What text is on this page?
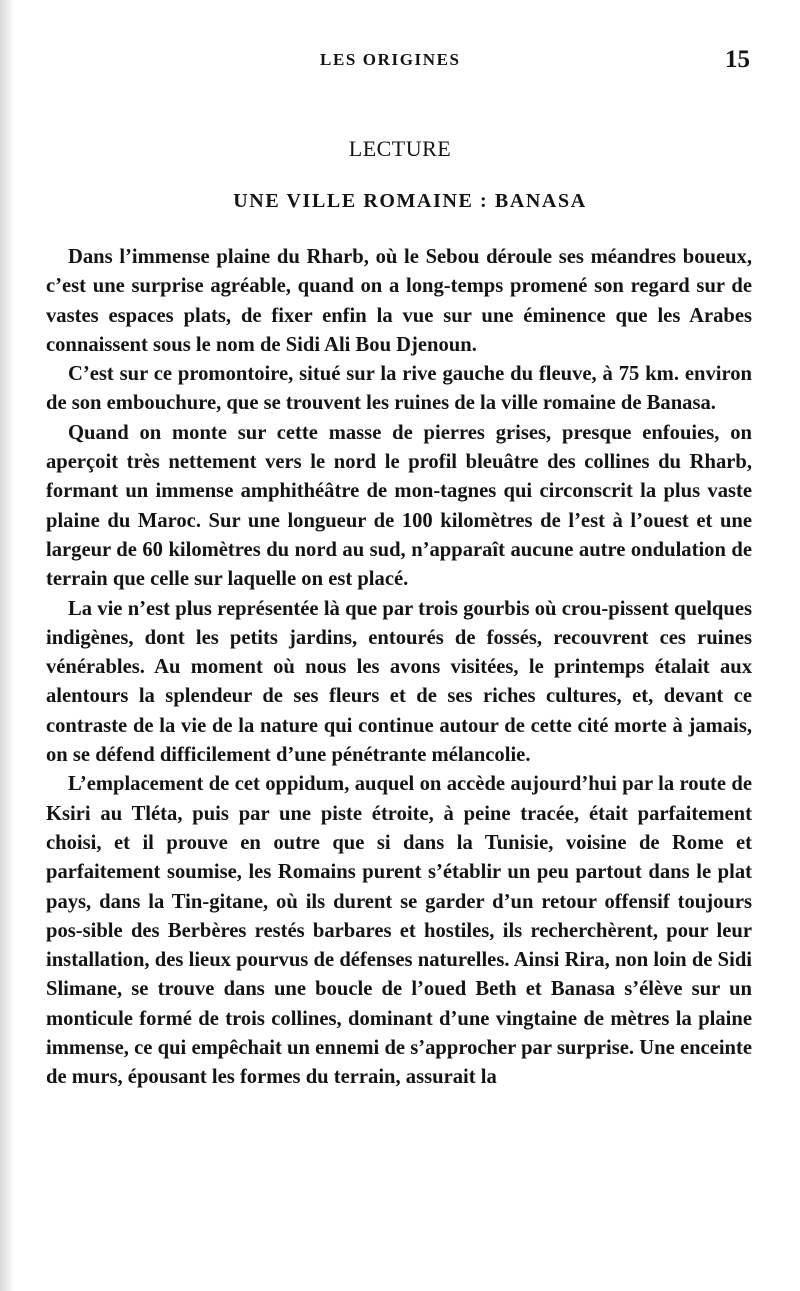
LES ORIGINES	15
LECTURE
UNE VILLE ROMAINE : BANASA

Dans l’immense plaine du Rharb, où le Sebou déroule ses méandres boueux, c’est une surprise agréable, quand on a long-temps promené son regard sur de vastes espaces plats, de fixer enfin la vue sur une éminence que les Arabes connaissent sous le nom de Sidi Ali Bou Djenoun.

C’est sur ce promontoire, situé sur la rive gauche du fleuve, à 75 km. environ de son embouchure, que se trouvent les ruines de la ville romaine de Banasa.

Quand on monte sur cette masse de pierres grises, presque enfouies, on aperçoit très nettement vers le nord le profil bleuâtre des collines du Rharb, formant un immense amphithéâtre de mon-tagnes qui circonscrit la plus vaste plaine du Maroc. Sur une longueur de 100 kilomètres de l’est à l’ouest et une largeur de 60 kilomètres du nord au sud, n’apparaît aucune autre ondulation de terrain que celle sur laquelle on est placé.

La vie n’est plus représentée là que par trois gourbis où crou-pissent quelques indigènes, dont les petits jardins, entourés de fossés, recouvrent ces ruines vénérables. Au moment où nous les avons visitées, le printemps étalait aux alentours la splendeur de ses fleurs et de ses riches cultures, et, devant ce contraste de la vie de la nature qui continue autour de cette cité morte à jamais, on se défend difficilement d’une pénétrante mélancolie.

L’emplacement de cet oppidum, auquel on accède aujourd’hui par la route de Ksiri au Tléta, puis par une piste étroite, à peine tracée, était parfaitement choisi, et il prouve en outre que si dans la Tunisie, voisine de Rome et parfaitement soumise, les Romains purent s’établir un peu partout dans le plat pays, dans la Tin-gitane, où ils durent se garder d’un retour offensif toujours pos-sible des Berbères restés barbares et hostiles, ils recherchèrent, pour leur installation, des lieux pourvus de défenses naturelles. Ainsi Rira, non loin de Sidi Slimane, se trouve dans une boucle de l’oued Beth et Banasa s’élève sur un monticule formé de trois collines, dominant d’une vingtaine de mètres la plaine immense, ce qui empêchait un ennemi de s’approcher par surprise. Une enceinte de murs, épousant les formes du terrain, assurait la
